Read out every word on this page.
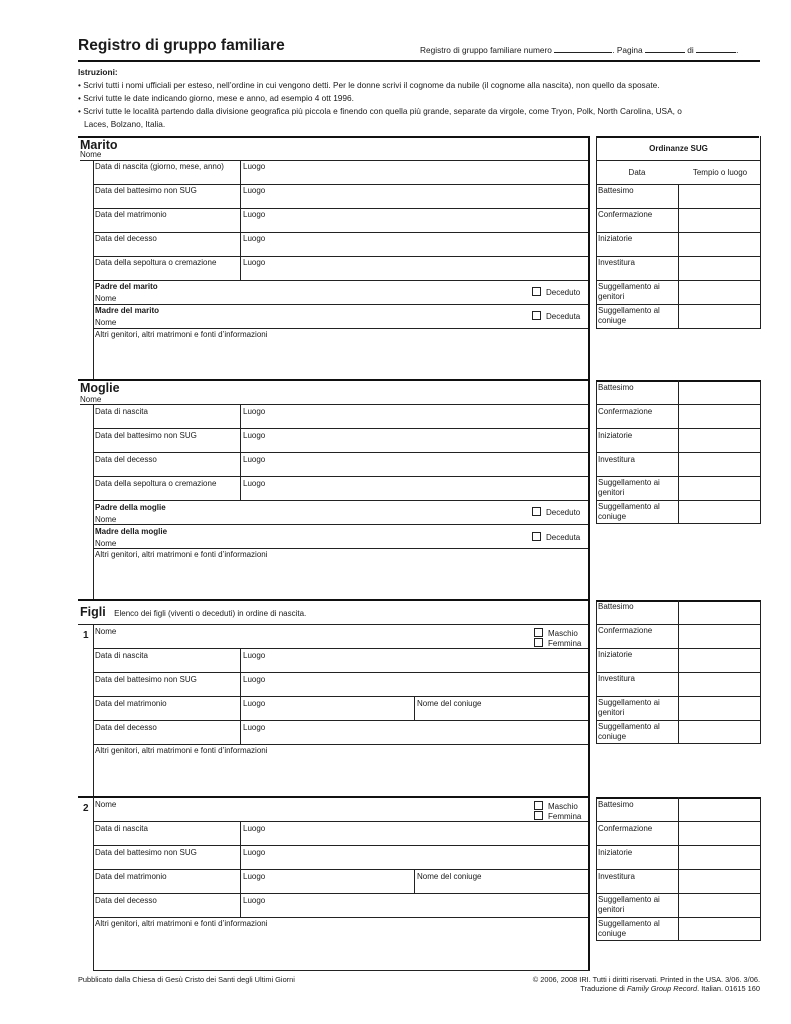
Registro di gruppo familiare	Registro di gruppo familiare numero	. Pagina	di	.
Istruzioni:
• Scrivi tutti i nomi ufficiali per esteso, nell’ordine in cui vengono detti. Per le donne scrivi il cognome da nubile (il cognome alla nascita), non quello da sposate.
• Scrivi tutte le date indicando giorno, mese e anno, ad esempio 4 ott 1996.
• Scrivi tutte le località partendo dalla divisione geografica più piccola e finendo con quella più grande, separate da virgole, come Tryon, Polk, North Carolina, USA, o
Laces, Bolzano, Italia.
Marito
Nome
Data di nascita (giorno, mese, anno)	Luogo
Data del battesimo non SUG	Luogo
Data del matrimonio	Luogo
Data del decesso	Luogo
Data della sepoltura o cremazione	Luogo
Padre del marito
Nome
Deceduto
Madre del marito
Nome
Deceduta
Altri genitori, altri matrimoni e fonti d’informazioni
Moglie
Nome
Data di nascita	Luogo
Data del battesimo non SUG	Luogo
Data del decesso	Luogo
Data della sepoltura o cremazione	Luogo
Padre della moglie
Nome
Deceduto
Madre della moglie
Nome
Deceduta
Altri genitori, altri matrimoni e fonti d’informazioni
Figli Elenco dei figli (viventi o deceduti) in ordine di nascita.
1 Nome	Maschio
Femmina
Data di nascita	Luogo
Data del battesimo non SUG	Luogo
Data del matrimonio	Luogo	Nome del coniuge
Data del decesso	Luogo
Altri genitori, altri matrimoni e fonti d’informazioni
2 Nome	Maschio
Femmina
Data di nascita	Luogo
Data del battesimo non SUG	Luogo
Data del matrimonio	Luogo	Nome del coniuge
Data del decesso	Luogo
Altri genitori, altri matrimoni e fonti d’informazioni
Ordinanze SUG
Data	Tempio o luogo
Battesimo
Confermazione
Iniziatorie
Investitura
Suggellamento ai genitori
Suggellamento al coniuge
Battesimo
Confermazione
Iniziatorie
Investitura
Suggellamento ai genitori
Suggellamento al coniuge
Battesimo
Confermazione
Iniziatorie
Investitura
Suggellamento ai genitori
Suggellamento al coniuge
Battesimo
Confermazione
Iniziatorie
Investitura
Suggellamento ai genitori
Suggellamento al coniuge
Pubblicato dalla Chiesa di Gesù Cristo dei Santi degli Ultimi Giorni	© 2006, 2008 IRI. Tutti i diritti riservati. Printed in the USA. 3/06. 3/06.
Traduzione di Family Group Record. Italian. 01615 160
